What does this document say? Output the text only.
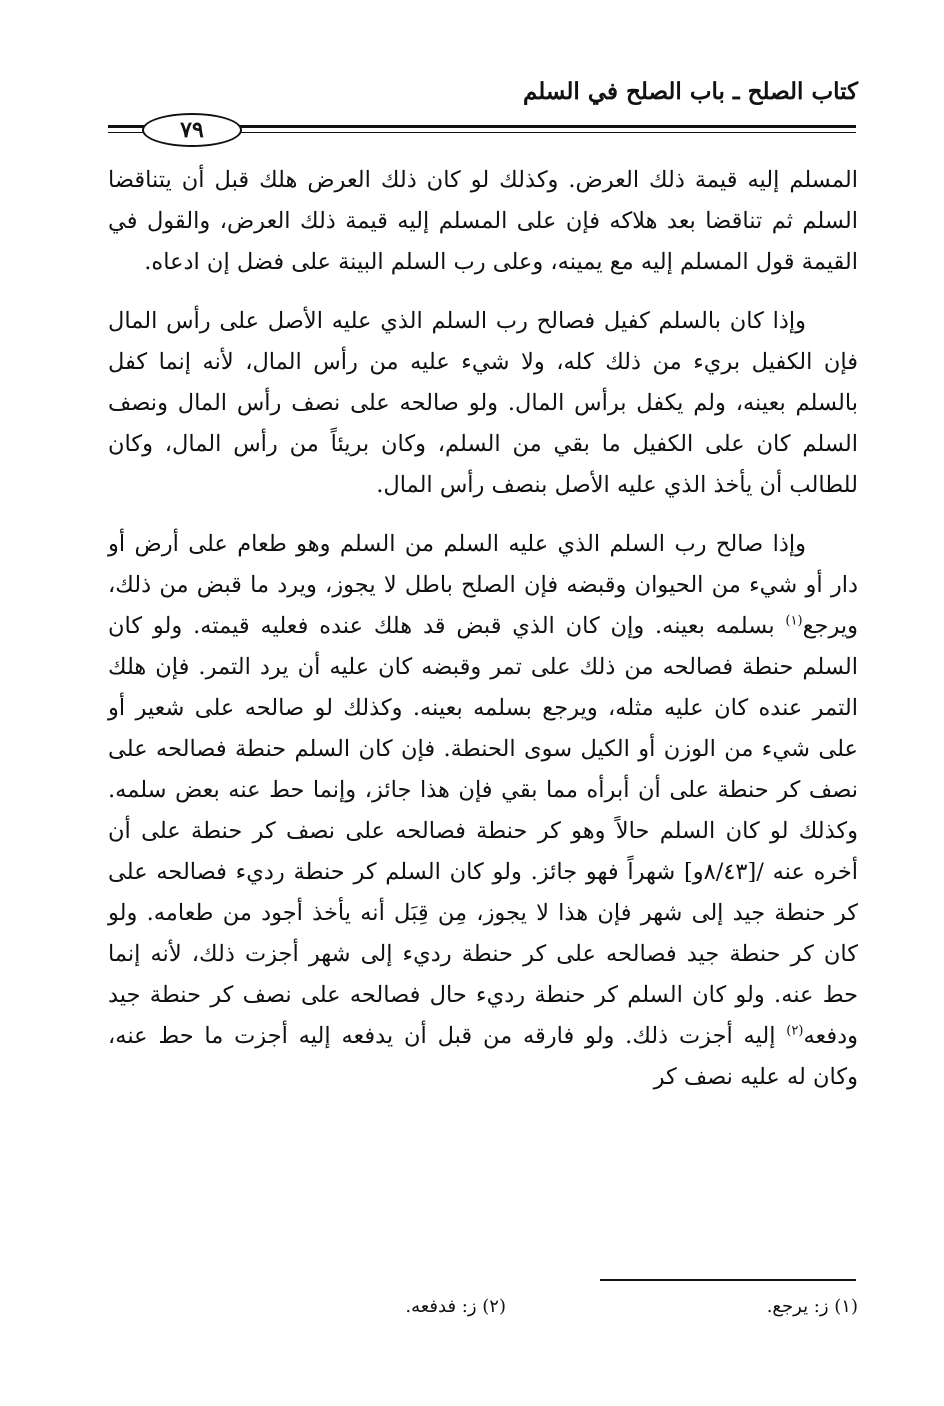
كتاب الصلح ـ باب الصلح في السلم
٧٩

المسلم إليه قيمة ذلك العرض. وكذلك لو كان ذلك العرض هلك قبل أن يتناقضا السلم ثم تناقضا بعد هلاكه فإن على المسلم إليه قيمة ذلك العرض، والقول في القيمة قول المسلم إليه مع يمينه، وعلى رب السلم البينة على فضل إن ادعاه.

وإذا كان بالسلم كفيل فصالح رب السلم الذي عليه الأصل على رأس المال فإن الكفيل بريء من ذلك كله، ولا شيء عليه من رأس المال، لأنه إنما كفل بالسلم بعينه، ولم يكفل برأس المال. ولو صالحه على نصف رأس المال ونصف السلم كان على الكفيل ما بقي من السلم، وكان بريئاً من رأس المال، وكان للطالب أن يأخذ الذي عليه الأصل بنصف رأس المال.

وإذا صالح رب السلم الذي عليه السلم من السلم وهو طعام على أرض أو دار أو شيء من الحيوان وقبضه فإن الصلح باطل لا يجوز، ويرد ما قبض من ذلك، ويرجع$^{(١)}$ بسلمه بعينه. وإن كان الذي قبض قد هلك عنده فعليه قيمته. ولو كان السلم حنطة فصالحه من ذلك على تمر وقبضه كان عليه أن يرد التمر. فإن هلك التمر عنده كان عليه مثله، ويرجع بسلمه بعينه. وكذلك لو صالحه على شعير أو على شيء من الوزن أو الكيل سوى الحنطة. فإن كان السلم حنطة فصالحه على نصف كر حنطة على أن أبرأه مما بقي فإن هذا جائز، وإنما حط عنه بعض سلمه. وكذلك لو كان السلم حالاً وهو كر حنطة فصالحه على نصف كر حنطة على أن أخره عنه /[٨/٤٣و] شهراً فهو جائز. ولو كان السلم كر حنطة رديء فصالحه على كر حنطة جيد إلى شهر فإن هذا لا يجوز، مِن قِبَل أنه يأخذ أجود من طعامه. ولو كان كر حنطة جيد فصالحه على كر حنطة رديء إلى شهر أجزت ذلك، لأنه إنما حط عنه. ولو كان السلم كر حنطة رديء حال فصالحه على نصف كر حنطة جيد ودفعه$^{(٢)}$ إليه أجزت ذلك. ولو فارقه من قبل أن يدفعه إليه أجزت ما حط عنه، وكان له عليه نصف كر

(١) ز: يرجع.
(٢) ز: فدفعه.
